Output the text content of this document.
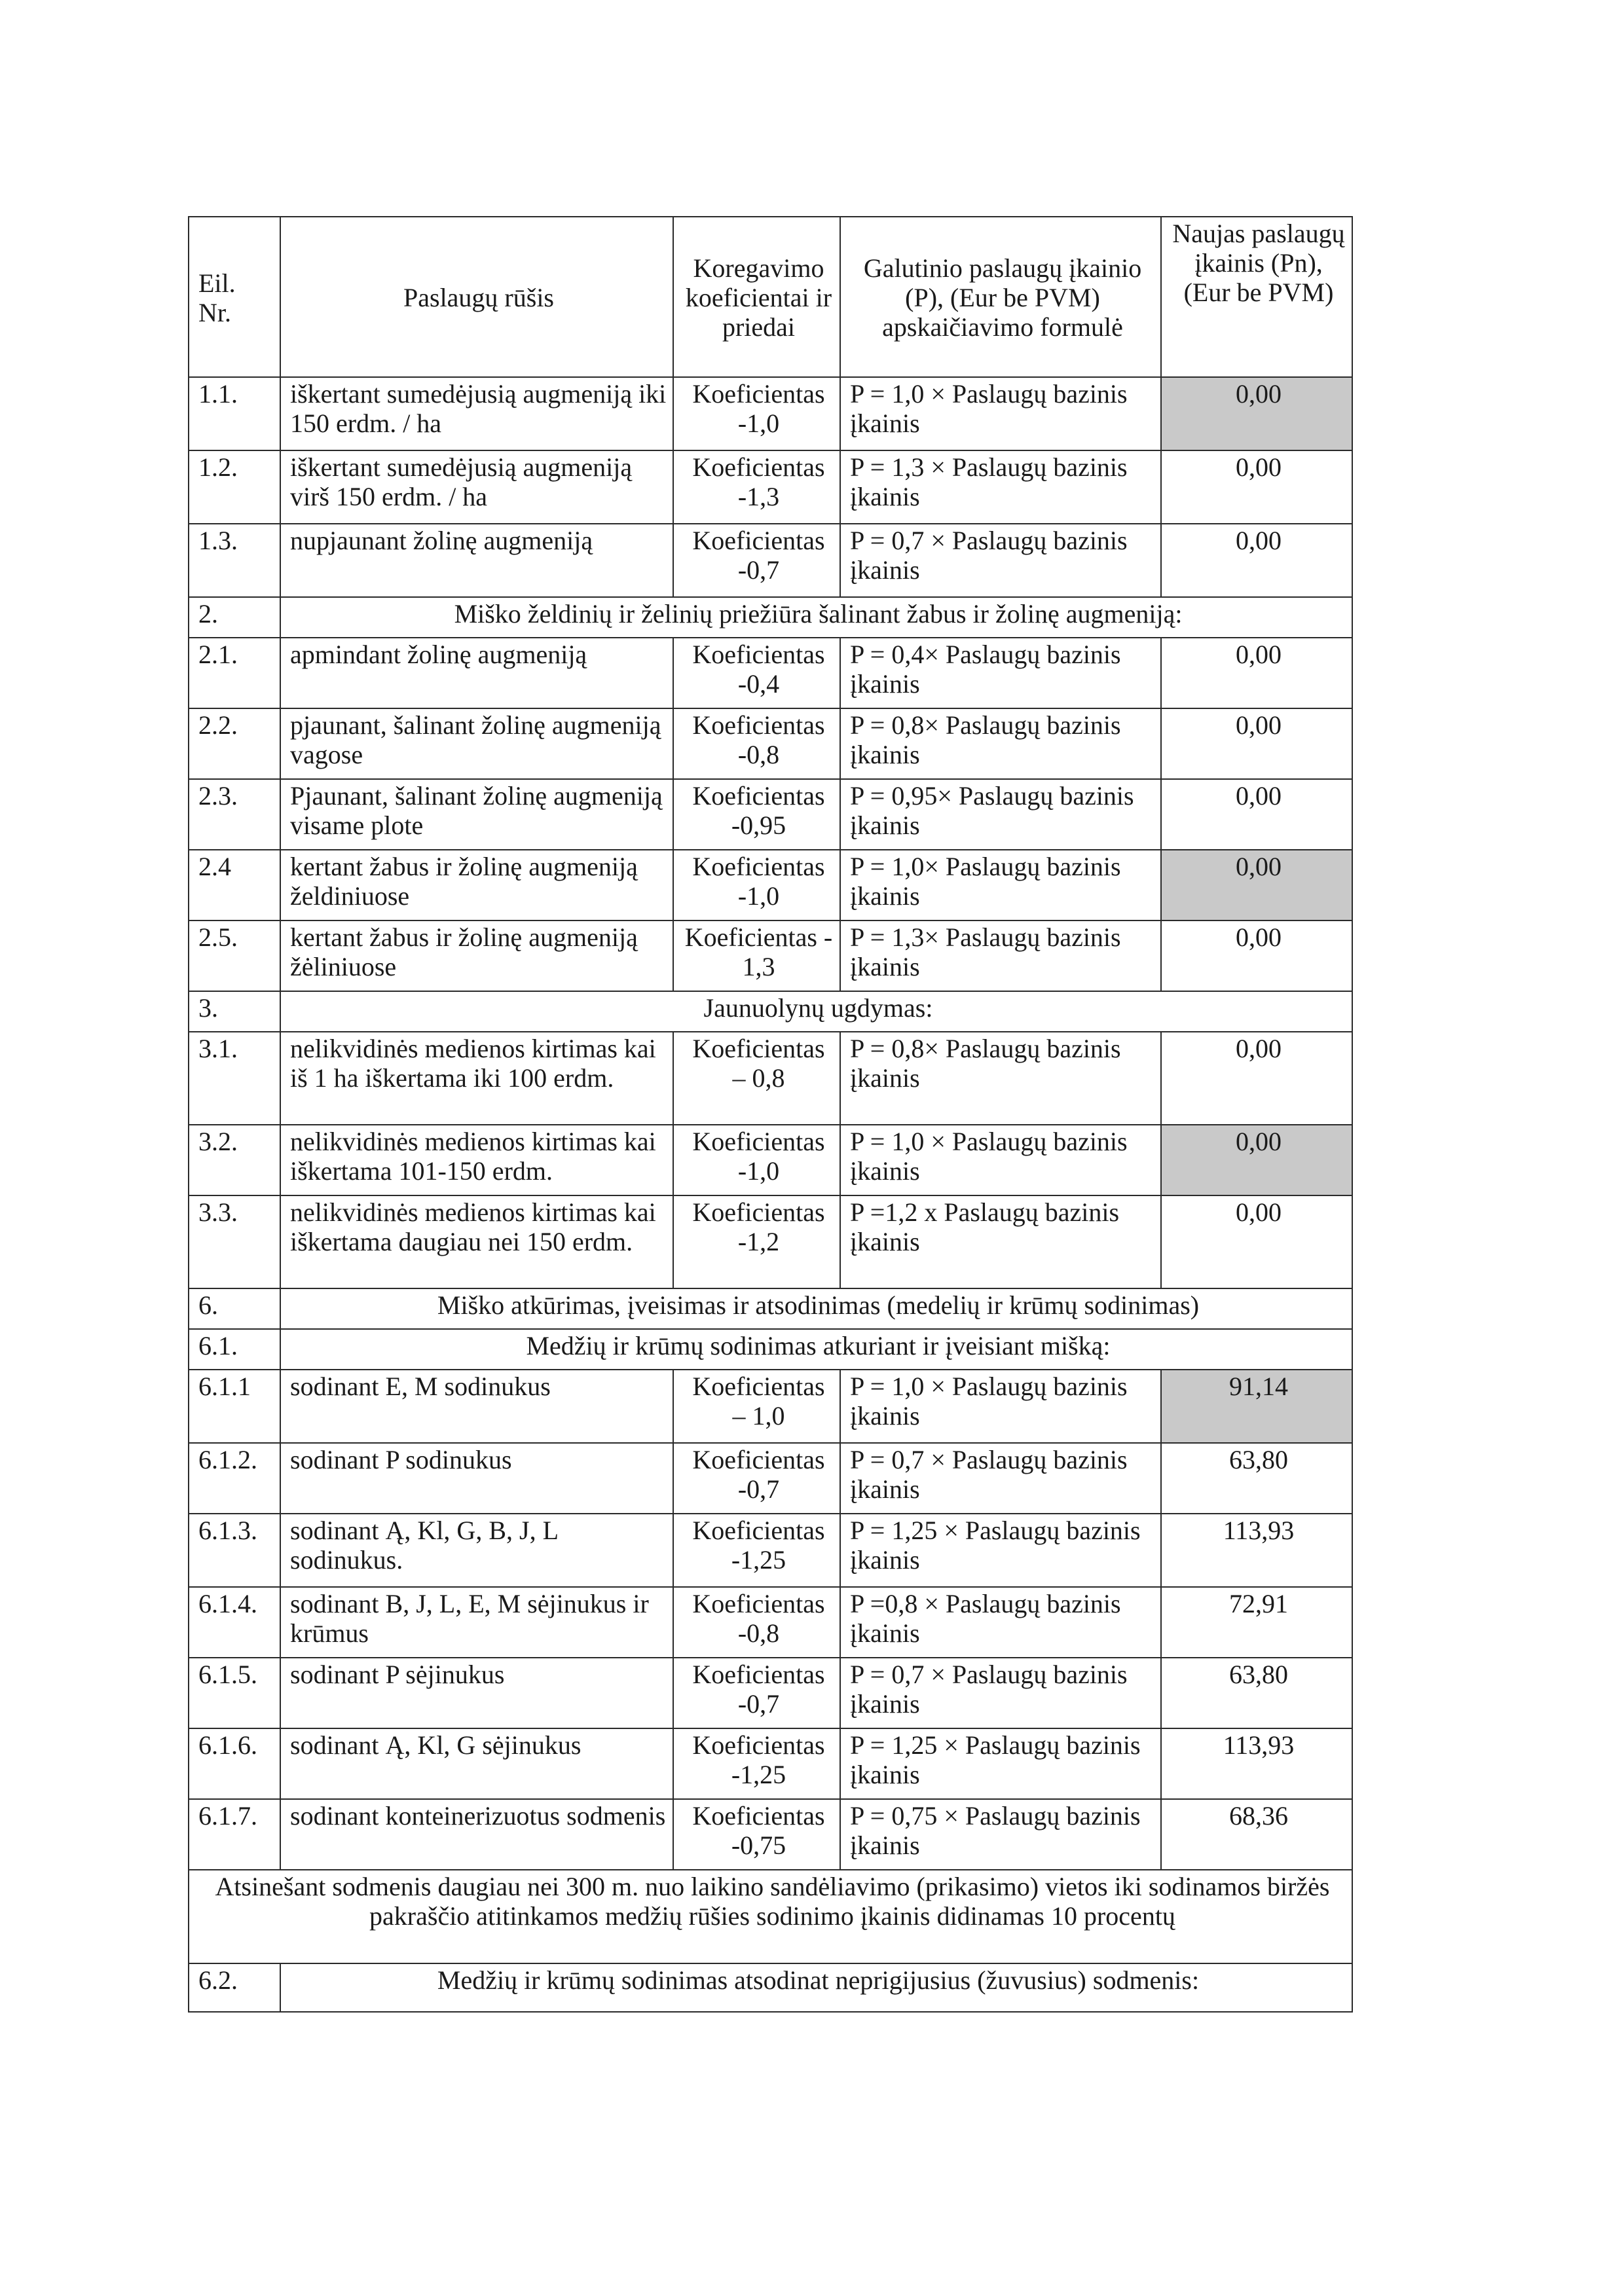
Eil.
Nr.	Paslaugų rūšis	Koregavimo koeficientai ir priedai	Galutinio paslaugų įkainio (P), (Eur be PVM) apskaičiavimo formulė	Naujas paslaugų įkainis (Pn), (Eur be PVM)
1.1.	iškertant sumedėjusią augmeniją iki 150 erdm. / ha	Koeficientas -1,0	P = 1,0 × Paslaugų bazinis įkainis	0,00
1.2.	iškertant sumedėjusią augmeniją virš 150 erdm. / ha	Koeficientas -1,3	P = 1,3 × Paslaugų bazinis įkainis	0,00
1.3.	nupjaunant žolinę augmeniją	Koeficientas -0,7	P = 0,7 × Paslaugų bazinis įkainis	0,00
2.	Miško želdinių ir želinių priežiūra šalinant žabus ir žolinę augmeniją:			
2.1.	apmindant žolinę augmeniją	Koeficientas -0,4	P = 0,4× Paslaugų bazinis įkainis	0,00
2.2.	pjaunant, šalinant žolinę augmeniją vagose	Koeficientas -0,8	P = 0,8× Paslaugų bazinis įkainis	0,00
2.3.	Pjaunant, šalinant žolinę augmeniją visame plote	Koeficientas -0,95	P = 0,95× Paslaugų bazinis įkainis	0,00
2.4	kertant žabus ir žolinę augmeniją želdiniuose	Koeficientas -1,0	P = 1,0× Paslaugų bazinis įkainis	0,00
2.5.	kertant žabus ir žolinę augmeniją žėliniuose	Koeficientas - 1,3	P = 1,3× Paslaugų bazinis įkainis	0,00
3.	Jaunuolynų ugdymas:			
3.1.	nelikvidinės medienos kirtimas kai iš 1 ha iškertama iki 100 erdm.	Koeficientas – 0,8	P = 0,8× Paslaugų bazinis įkainis	0,00
3.2.	nelikvidinės medienos kirtimas kai iškertama 101-150 erdm.	Koeficientas -1,0	P = 1,0 × Paslaugų bazinis įkainis	0,00
3.3.	nelikvidinės medienos kirtimas kai iškertama daugiau nei 150 erdm.	Koeficientas -1,2	P =1,2 x Paslaugų bazinis įkainis	0,00
6.	Miško atkūrimas, įveisimas ir atsodinimas (medelių ir krūmų sodinimas)			
6.1.	Medžių ir krūmų sodinimas atkuriant ir įveisiant mišką:			
6.1.1	sodinant E, M sodinukus	Koeficientas – 1,0	P = 1,0 × Paslaugų bazinis įkainis	91,14
6.1.2.	sodinant P sodinukus	Koeficientas -0,7	P = 0,7 × Paslaugų bazinis įkainis	63,80
6.1.3.	sodinant Ą, Kl, G, B, J, L sodinukus.	Koeficientas -1,25	P = 1,25 × Paslaugų bazinis įkainis	113,93
6.1.4.	sodinant B, J, L, E, M sėjinukus ir krūmus	Koeficientas -0,8	P =0,8 × Paslaugų bazinis įkainis	72,91
6.1.5.	sodinant P sėjinukus	Koeficientas -0,7	P = 0,7 × Paslaugų bazinis įkainis	63,80
6.1.6.	sodinant Ą, Kl, G sėjinukus	Koeficientas -1,25	P = 1,25 × Paslaugų bazinis įkainis	113,93
6.1.7.	sodinant konteinerizuotus sodmenis	Koeficientas -0,75	P = 0,75 × Paslaugų bazinis įkainis	68,36
Atsinešant sodmenis daugiau nei 300 m. nuo laikino sandėliavimo (prikasimo) vietos iki sodinamos biržės pakraščio atitinkamos medžių rūšies sodinimo įkainis didinamas 10 procentų				
6.2.	Medžių ir krūmų sodinimas atsodinat neprigijusius (žuvusius) sodmenis:			
